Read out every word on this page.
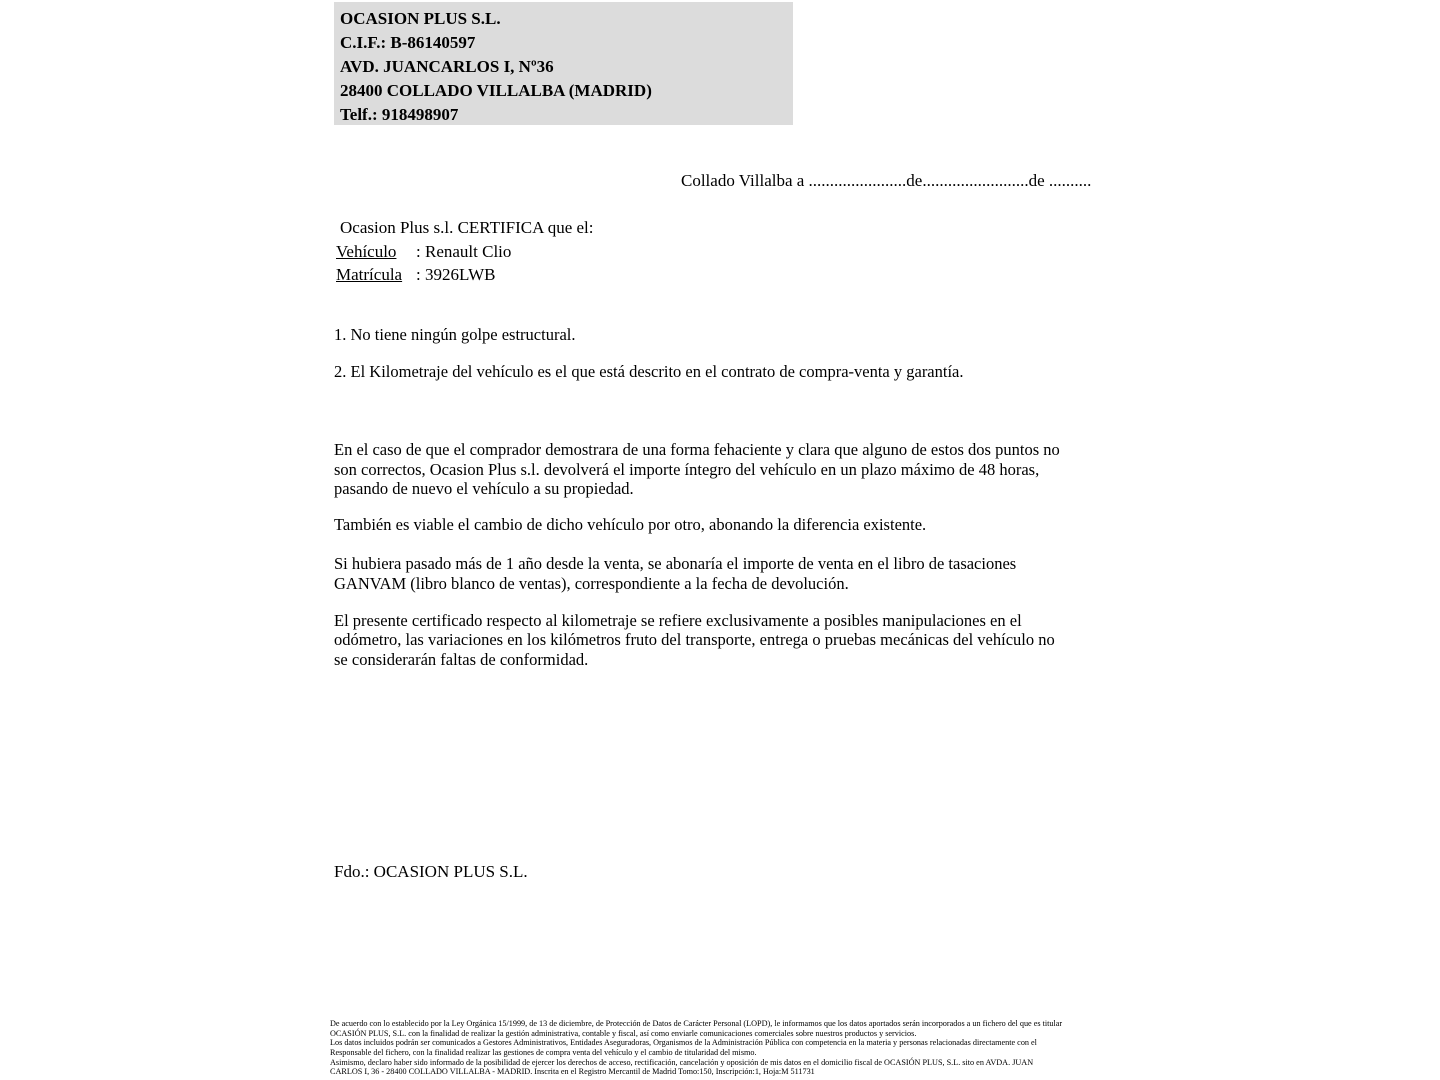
OCASION PLUS S.L.
C.I.F.: B-86140597
AVD. JUANCARLOS I, Nº36
28400 COLLADO VILLALBA (MADRID)
Telf.: 918498907
Collado Villalba a .......................de.........................de ..........
Ocasion Plus s.l. CERTIFICA que el:
Vehículo : Renault Clio
Matrícula : 3926LWB
1. No tiene ningún golpe estructural.
2. El Kilometraje del vehículo es el que está descrito en el contrato de compra-venta y garantía.
En el caso de que el comprador demostrara de una forma fehaciente y clara que alguno de estos dos puntos no
son correctos, Ocasion Plus s.l. devolverá el importe íntegro del vehículo en un plazo máximo de 48 horas,
pasando de nuevo el vehículo a su propiedad.
También es viable el cambio de dicho vehículo por otro, abonando la diferencia existente.
Si hubiera pasado más de 1 año desde la venta, se abonaría el importe de venta en el libro de tasaciones
GANVAM (libro blanco de ventas), correspondiente a la fecha de devolución.
El presente certificado respecto al kilometraje se refiere exclusivamente a posibles manipulaciones en el
odómetro, las variaciones en los kilómetros fruto del transporte, entrega o pruebas mecánicas del vehículo no
se considerarán faltas de conformidad.
Fdo.: OCASION PLUS S.L.
De acuerdo con lo establecido por la Ley Orgánica 15/1999, de 13 de diciembre, de Protección de Datos de Carácter Personal (LOPD), le informamos que los datos aportados serán incorporados a un fichero del que es titular
OCASIÓN PLUS, S.L. con la finalidad de realizar la gestión administrativa, contable y fiscal, así como enviarle comunicaciones comerciales sobre nuestros productos y servicios.
Los datos incluidos podrán ser comunicados a Gestores Administrativos, Entidades Aseguradoras, Organismos de la Administración Pública con competencia en la materia y personas relacionadas directamente con el
Responsable del fichero, con la finalidad realizar las gestiones de compra venta del vehículo y el cambio de titularidad del mismo.
Asimismo, declaro haber sido informado de la posibilidad de ejercer los derechos de acceso, rectificación, cancelación y oposición de mis datos en el domicilio fiscal de OCASIÓN PLUS, S.L. sito en AVDA. JUAN
CARLOS I, 36 - 28400 COLLADO VILLALBA - MADRID. Inscrita en el Registro Mercantil de Madrid Tomo:150, Inscripción:1, Hoja:M 511731
